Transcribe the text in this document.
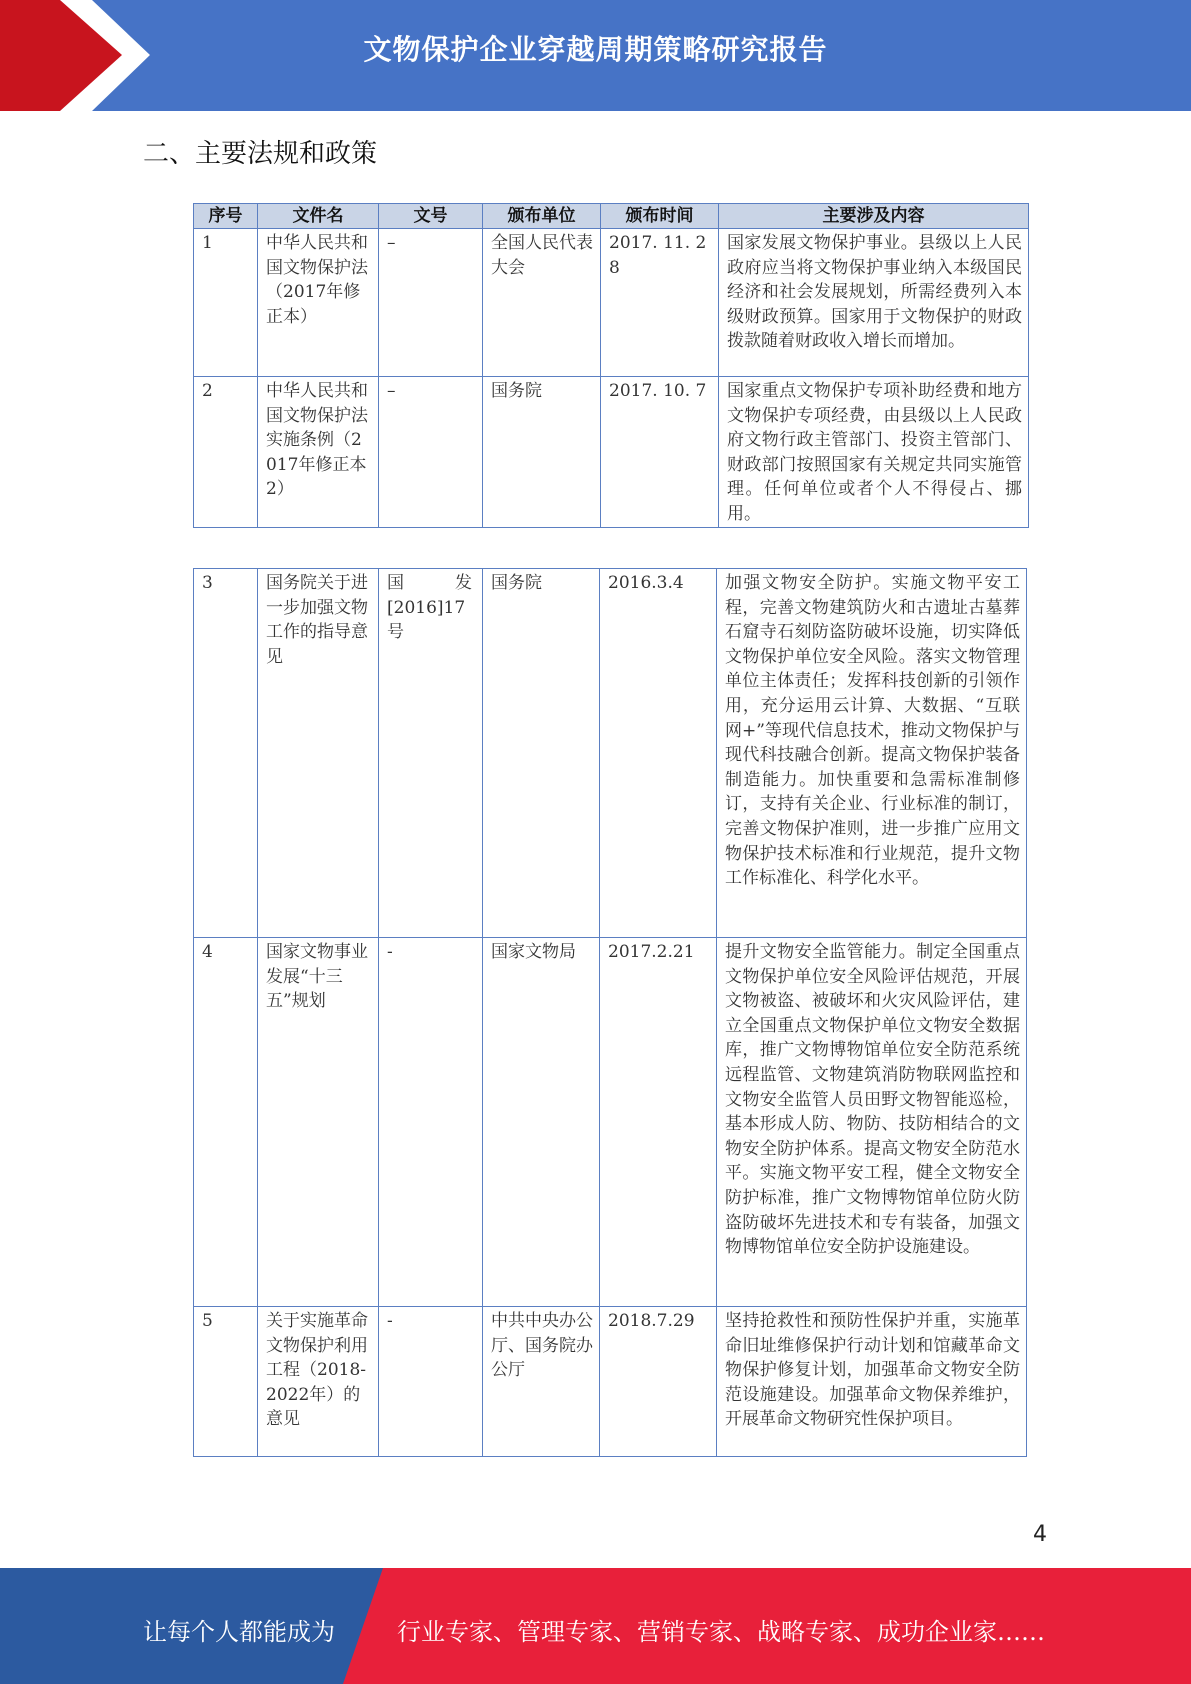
文物保护企业穿越周期策略研究报告
二、主要法规和政策
序号	文件名	文号	颁布单位	颁布时间	主要涉及内容
1	中华人民共和国文物保护法（2017年修正本）	–	全国人民代表大会	2017. 11. 28	国家发展文物保护事业。县级以上人民政府应当将文物保护事业纳入本级国民经济和社会发展规划，所需经费列入本级财政预算。国家用于文物保护的财政拨款随着财政收入增长而增加。
2	中华人民共和国文物保护法实施条例（2017年修正本2）	–	国务院	2017. 10. 7	国家重点文物保护专项补助经费和地方文物保护专项经费，由县级以上人民政府文物行政主管部门、投资主管部门、财政部门按照国家有关规定共同实施管理。任何单位或者个人不得侵占、挪用。
3	国务院关于进一步加强文物工作的指导意见	国　　　发[2016]17号	国务院	2016.3.4	加强文物安全防护。实施文物平安工程，完善文物建筑防火和古遗址古墓葬石窟寺石刻防盗防破坏设施，切实降低文物保护单位安全风险。落实文物管理单位主体责任；发挥科技创新的引领作用，充分运用云计算、大数据、“互联网+”等现代信息技术，推动文物保护与现代科技融合创新。提高文物保护装备制造能力。加快重要和急需标准制修订，支持有关企业、行业标准的制订，完善文物保护准则，进一步推广应用文物保护技术标准和行业规范，提升文物工作标准化、科学化水平。
4	国家文物事业发展“十三五”规划	-	国家文物局	2017.2.21	提升文物安全监管能力。制定全国重点文物保护单位安全风险评估规范，开展文物被盗、被破坏和火灾风险评估，建立全国重点文物保护单位文物安全数据库，推广文物博物馆单位安全防范系统远程监管、文物建筑消防物联网监控和文物安全监管人员田野文物智能巡检，基本形成人防、物防、技防相结合的文物安全防护体系。提高文物安全防范水平。实施文物平安工程，健全文物安全防护标准，推广文物博物馆单位防火防盗防破坏先进技术和专有装备，加强文物博物馆单位安全防护设施建设。
5	关于实施革命文物保护利用工程（2018-2022年）的意见	-	中共中央办公厅、国务院办公厅	2018.7.29	坚持抢救性和预防性保护并重，实施革命旧址维修保护行动计划和馆藏革命文物保护修复计划，加强革命文物安全防范设施建设。加强革命文物保养维护，开展革命文物研究性保护项目。
4
让每个人都能成为	行业专家、管理专家、营销专家、战略专家、成功企业家……
